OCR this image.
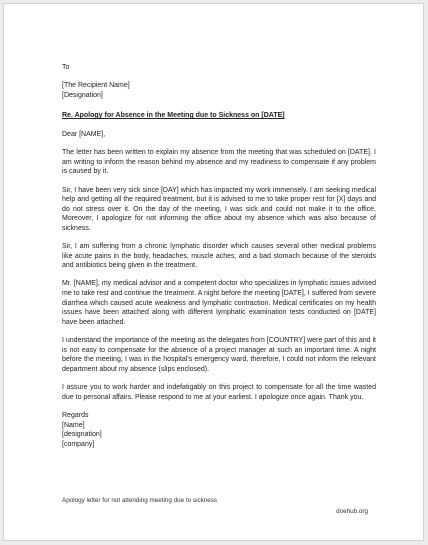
To

[The Recipient Name]

[Designation]

Re. Apology for Absence in the Meeting due to Sickness on [DATE]

Dear [NAME],

The letter has been written to explain my absence from the meeting that was scheduled on [DATE]. I am writing to inform the reason behind my absence and my readiness to compensate if any problem is caused by it.

Sir, I have been very sick since [DAY] which has impacted my work immensely. I am seeking medical help and getting all the required treatment, but it is advised to me to take proper rest for [X] days and do not stress over it. On the day of the meeting, I was sick and could not make it to the office. Moreover, I apologize for not informing the office about my absence which was also because of sickness.

Sir, I am suffering from a chronic lymphatic disorder which causes several other medical problems like acute pains in the body, headaches, muscle aches, and a bad stomach because of the steroids and antibiotics being given in the treatment.

Mr. [NAME], my medical advisor and a competent doctor who specializes in lymphatic issues advised me to take rest and continue the treatment. A night before the meeting [DATE], I suffered from severe diarrhea which caused acute weakness and lymphatic contraction. Medical certificates on my health issues have been attached along with different lymphatic examination tests conducted on [DATE] have been attached.

I understand the importance of the meeting as the delegates from [COUNTRY] were part of this and it is not easy to compensate for the absence of a project manager at such an important time. A night before the meeting, I was in the hospital's emergency ward, therefore, I could not inform the relevant department about my absence (slips enclosed).

I assure you to work harder and indefatigably on this project to compensate for all the time wasted due to personal affairs. Please respond to me at your earliest. I apologize once again. Thank you.

Regards

[Name]

[designation]

[company]

Apology letter for not attending meeting due to sickness
doehub.org
